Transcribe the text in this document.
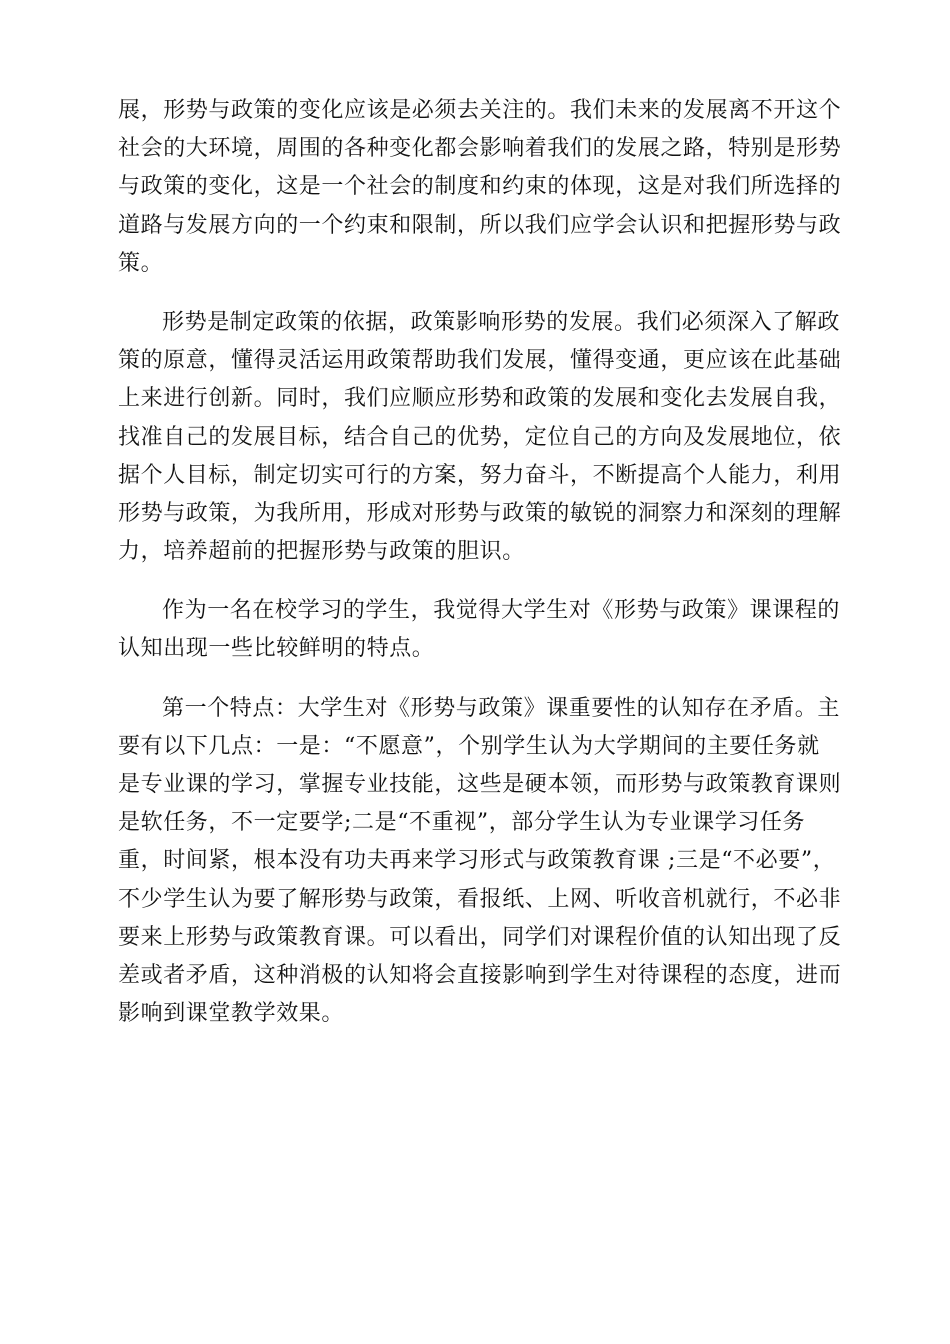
展，形势与政策的变化应该是必须去关注的。我们未来的发展离不开这个
社会的大环境，周围的各种变化都会影响着我们的发展之路，特别是形势
与政策的变化，这是一个社会的制度和约束的体现，这是对我们所选择的
道路与发展方向的一个约束和限制，所以我们应学会认识和把握形势与政
策。
形势是制定政策的依据，政策影响形势的发展。我们必须深入了解政
策的原意，懂得灵活运用政策帮助我们发展，懂得变通，更应该在此基础
上来进行创新。同时，我们应顺应形势和政策的发展和变化去发展自我，
找准自己的发展目标，结合自己的优势，定位自己的方向及发展地位，依
据个人目标，制定切实可行的方案，努力奋斗，不断提高个人能力，利用
形势与政策，为我所用，形成对形势与政策的敏锐的洞察力和深刻的理解
力，培养超前的把握形势与政策的胆识。
作为一名在校学习的学生，我觉得大学生对《形势与政策》课课程的
认知出现一些比较鲜明的特点。
第一个特点：大学生对《形势与政策》课重要性的认知存在矛盾。主
要有以下几点：一是：“不愿意”，个别学生认为大学期间的主要任务就
是专业课的学习，掌握专业技能，这些是硬本领，而形势与政策教育课则
是软任务，不一定要学;二是“不重视”，部分学生认为专业课学习任务
重，时间紧，根本没有功夫再来学习形式与政策教育课 ;三是“不必要”，
不少学生认为要了解形势与政策，看报纸、上网、听收音机就行，不必非
要来上形势与政策教育课。可以看出，同学们对课程价值的认知出现了反
差或者矛盾，这种消极的认知将会直接影响到学生对待课程的态度，进而
影响到课堂教学效果。
